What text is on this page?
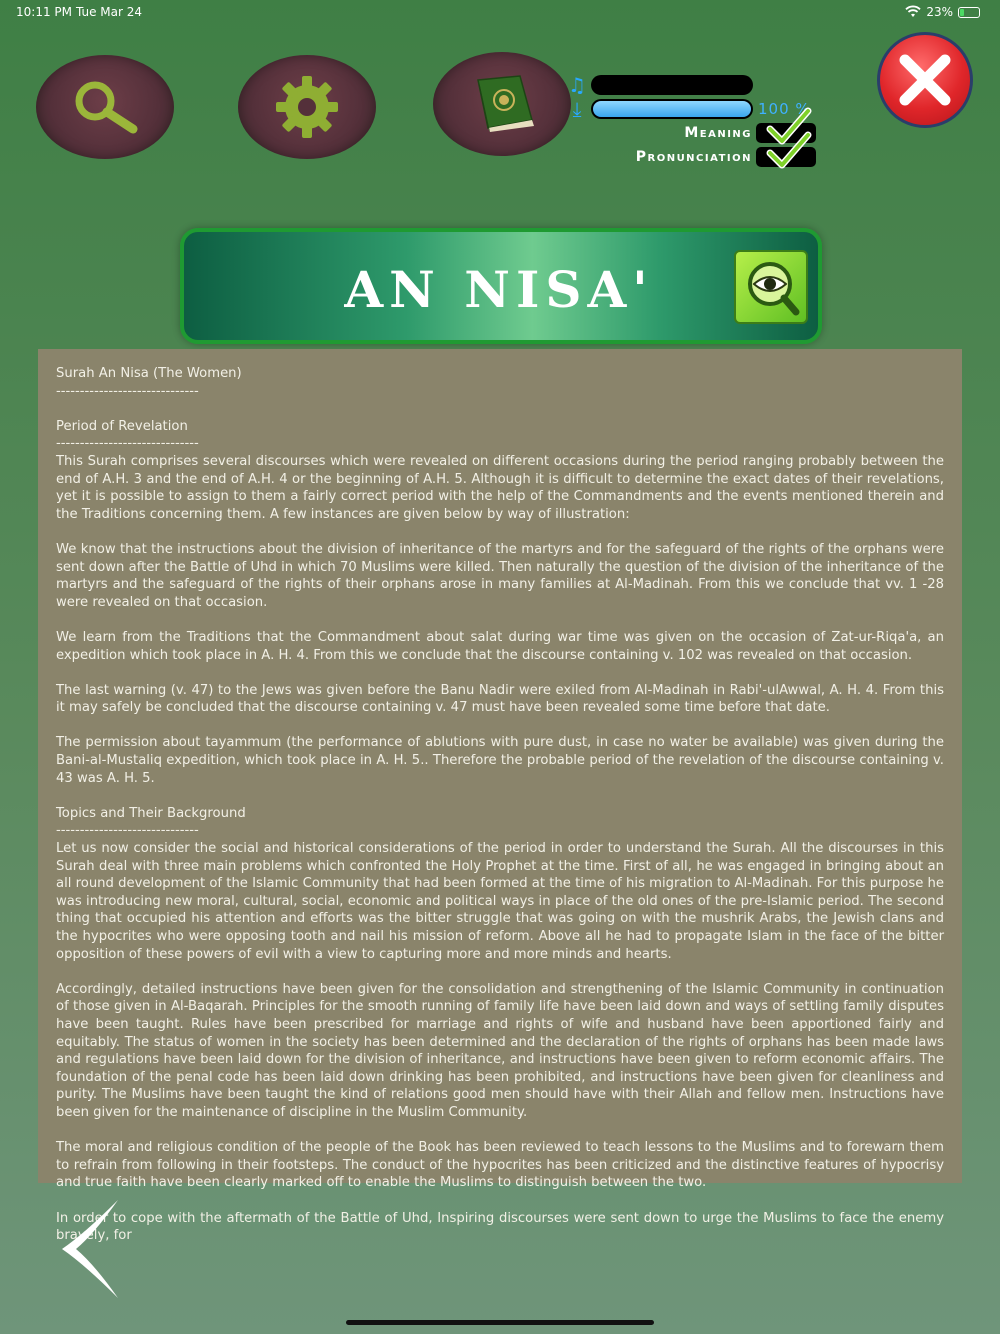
10:11 PM Tue Mar 24	23%
♫
⤓	100 %
Meaning
Pronunciation
AN NISA'
Surah An Nisa (The Women)
------------------------------
Period of Revelation
------------------------------

This Surah comprises several discourses which were revealed on different occasions during the period ranging probably between the end of A.H. 3 and the end of A.H. 4 or the beginning of A.H. 5. Although it is difficult to determine the exact dates of their revelations, yet it is possible to assign to them a fairly correct period with the help of the Commandments and the events mentioned therein and the Traditions concerning them. A few instances are given below by way of illustration:

We know that the instructions about the division of inheritance of the martyrs and for the safeguard of the rights of the orphans were sent down after the Battle of Uhd in which 70 Muslims were killed. Then naturally the question of the division of the inheritance of the martyrs and the safeguard of the rights of their orphans arose in many families at Al-Madinah. From this we conclude that vv. 1 -28 were revealed on that occasion.

We learn from the Traditions that the Commandment about salat during war time was given on the occasion of Zat-ur-Riqa'a, an expedition which took place in A. H. 4. From this we conclude that the discourse containing v. 102 was revealed on that occasion.

The last warning (v. 47) to the Jews was given before the Banu Nadir were exiled from Al-Madinah in Rabi'-ulAwwal, A. H. 4. From this it may safely be concluded that the discourse containing v. 47 must have been revealed some time before that date.

The permission about tayammum (the performance of ablutions with pure dust, in case no water be available) was given during the Bani-al-Mustaliq expedition, which took place in A. H. 5.. Therefore the probable period of the revelation of the discourse containing v. 43 was A. H. 5.

Topics and Their Background
------------------------------

Let us now consider the social and historical considerations of the period in order to understand the Surah. All the discourses in this Surah deal with three main problems which confronted the Holy Prophet at the time. First of all, he was engaged in bringing about an all round development of the Islamic Community that had been formed at the time of his migration to Al-Madinah. For this purpose he was introducing new moral, cultural, social, economic and political ways in place of the old ones of the pre-Islamic period. The second thing that occupied his attention and efforts was the bitter struggle that was going on with the mushrik Arabs, the Jewish clans and the hypocrites who were opposing tooth and nail his mission of reform. Above all he had to propagate Islam in the face of the bitter opposition of these powers of evil with a view to capturing more and more minds and hearts.

Accordingly, detailed instructions have been given for the consolidation and strengthening of the Islamic Community in continuation of those given in Al-Baqarah. Principles for the smooth running of family life have been laid down and ways of settling family disputes have been taught. Rules have been prescribed for marriage and rights of wife and husband have been apportioned fairly and equitably. The status of women in the society has been determined and the declaration of the rights of orphans has been made laws and regulations have been laid down for the division of inheritance, and instructions have been given to reform economic affairs. The foundation of the penal code has been laid down drinking has been prohibited, and instructions have been given for cleanliness and purity. The Muslims have been taught the kind of relations good men should have with their Allah and fellow men. Instructions have been given for the maintenance of discipline in the Muslim Community.

The moral and religious condition of the people of the Book has been reviewed to teach lessons to the Muslims and to forewarn them to refrain from following in their footsteps. The conduct of the hypocrites has been criticized and the distinctive features of hypocrisy and true faith have been clearly marked off to enable the Muslims to distinguish between the two.

In order to cope with the aftermath of the Battle of Uhd, Inspiring discourses were sent down to urge the Muslims to face the enemy bravely, for
